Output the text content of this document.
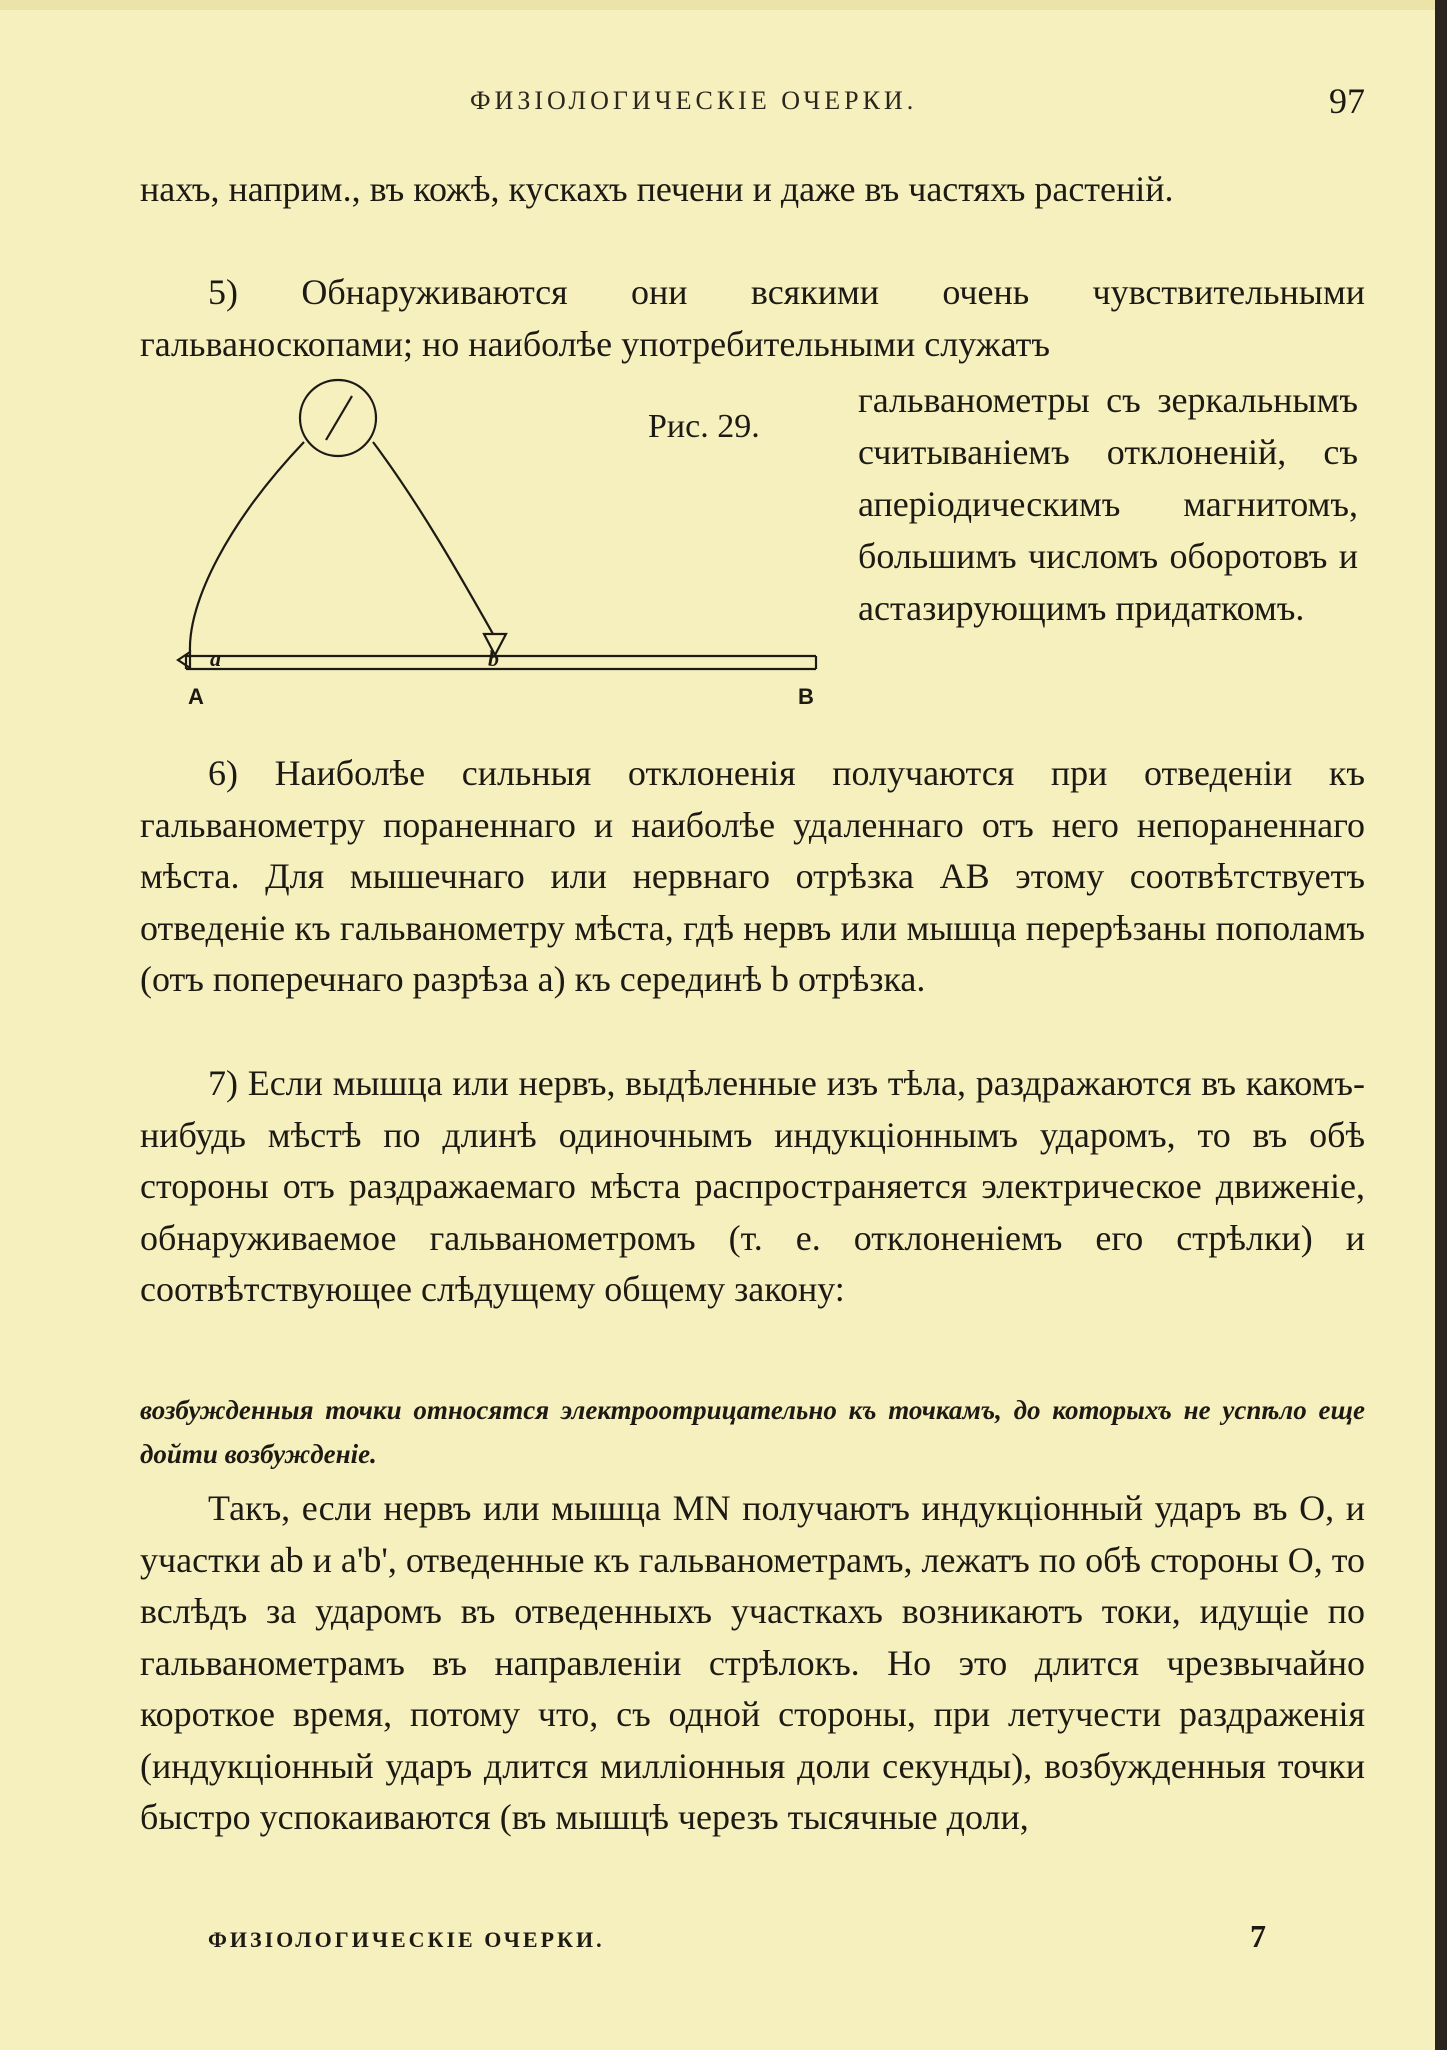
ФИЗІОЛОГИЧЕСКІЕ ОЧЕРКИ.	97

нахъ, наприм., въ кожѣ, кускахъ печени и даже въ частяхъ растеній.

5) Обнаруживаются они всякими очень чувствительными гальваноскопами; но наиболѣе употребительными служатъ

a	b
A	B
Рис. 29.
гальванометры съ зеркальнымъ считываніемъ отклоненій, съ апеpіодическимъ магнитомъ, большимъ числомъ оборотовъ и астазирующимъ придаткомъ.

6) Наиболѣе сильныя отклоненія получаются при отведеніи къ гальванометру пораненнаго и наиболѣе удаленнаго отъ него непораненнаго мѣста. Для мышечнаго или нервнаго отрѣзка AB этому соотвѣтствуетъ отведеніе къ гальванометру мѣста, гдѣ нервъ или мышца перерѣзаны пополамъ (отъ поперечнаго разрѣза a) къ серединѣ b отрѣзка.

7) Если мышца или нервъ, выдѣленные изъ тѣла, раздражаются въ какомъ-нибудь мѣстѣ по длинѣ одиночнымъ индукціоннымъ ударомъ, то въ обѣ стороны отъ раздражаемаго мѣста распространяется электрическое движеніе, обнаруживаемое гальванометромъ (т. е. отклоненіемъ его стрѣлки) и соотвѣтствующее слѣдущему общему закону:

возбужденныя точки относятся электроотрицательно къ точкамъ, до которыхъ не успѣло еще дойти возбужденіе.

Такъ, если нервъ или мышца MN получаютъ индукціонный ударъ въ O, и участки ab и a'b', отведенные къ гальванометрамъ, лежатъ по обѣ стороны O, то вслѣдъ за ударомъ въ отведенныхъ участкахъ возникаютъ токи, идущіе по гальванометрамъ въ направленіи стрѣлокъ. Но это длится чрезвычайно короткое время, потому что, съ одной стороны, при летучести раздраженія (индукціонный ударъ длится милліонныя доли секунды), возбужденныя точки быстро успокаиваются (въ мышцѣ черезъ тысячные доли,

ФИЗІОЛОГИЧЕСКІЕ ОЧЕРКИ.	7
